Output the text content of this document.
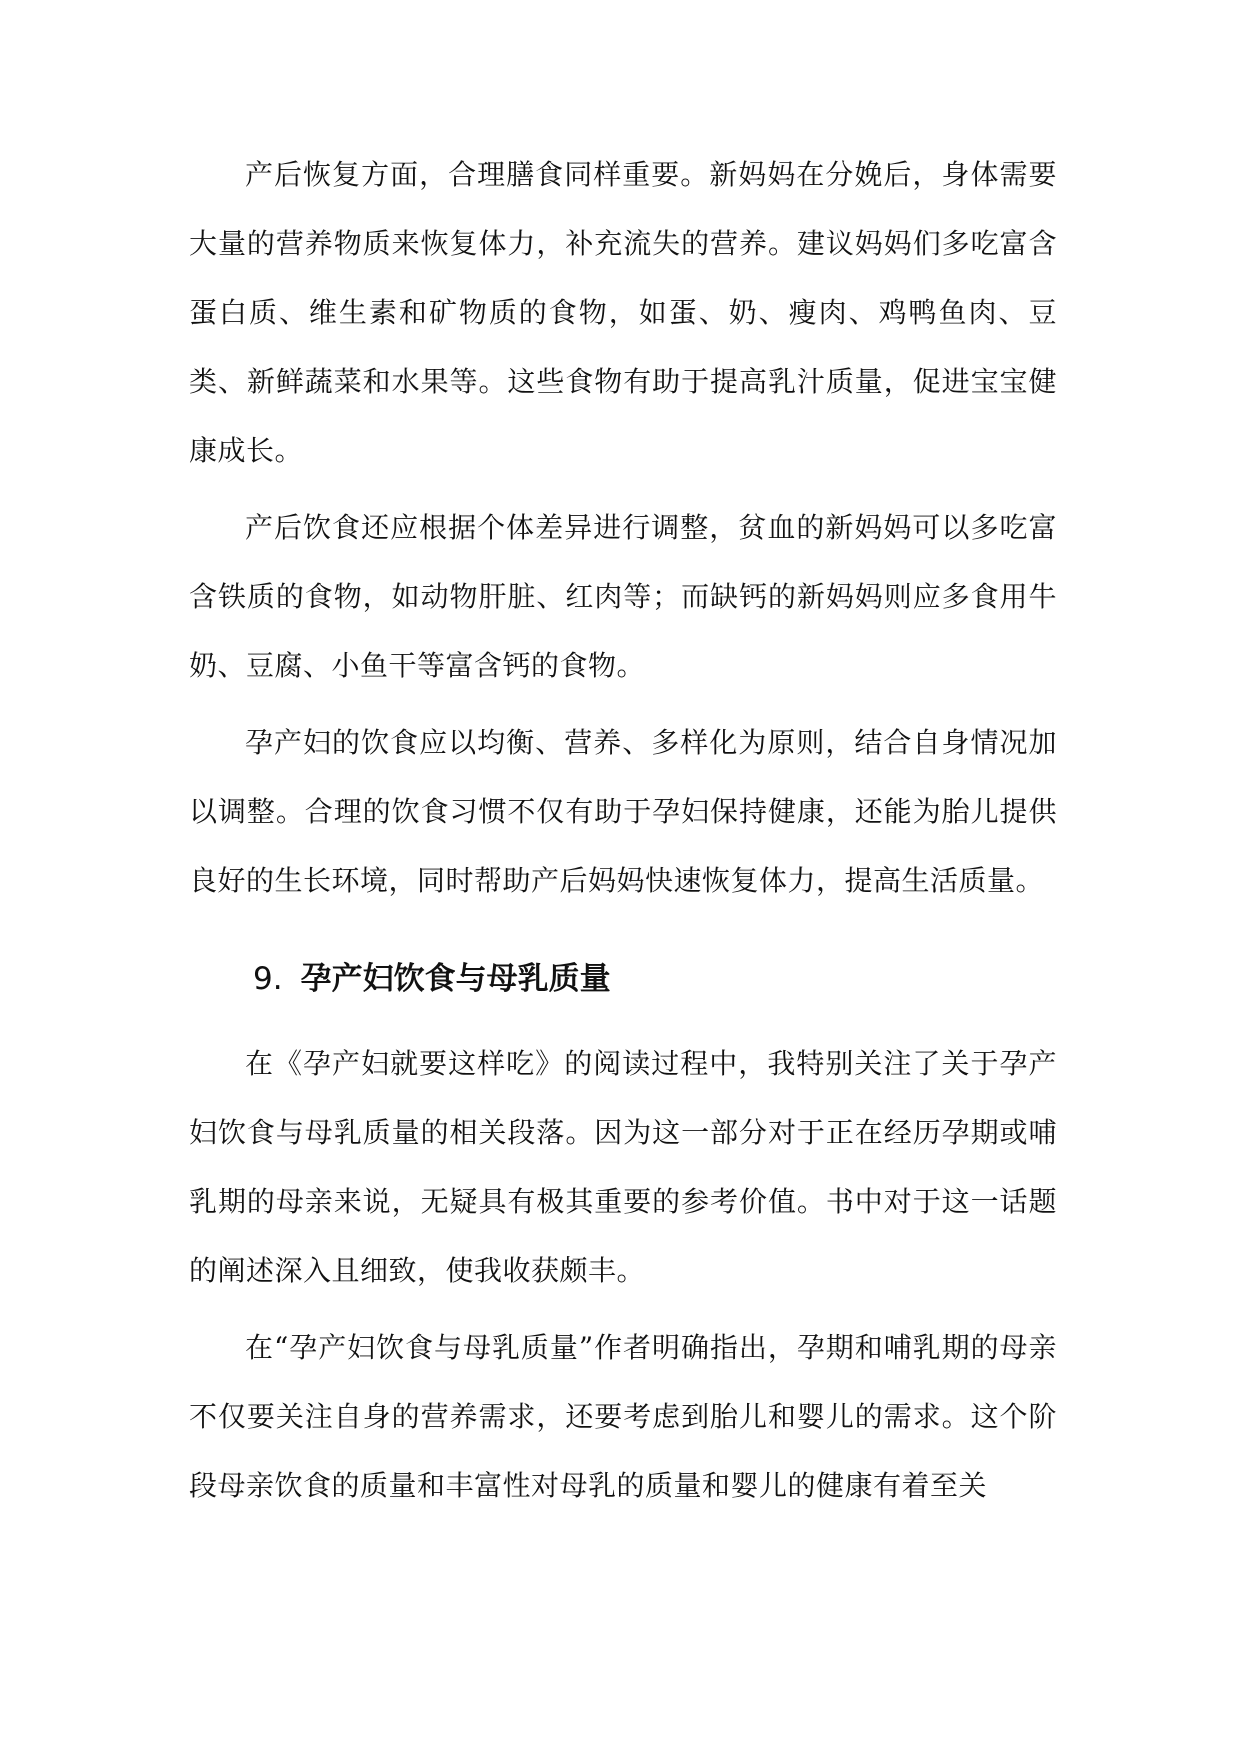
产后恢复方面，合理膳食同样重要。新妈妈在分娩后，身体需要大量的营养物质来恢复体力，补充流失的营养。建议妈妈们多吃富含蛋白质、维生素和矿物质的食物，如蛋、奶、瘦肉、鸡鸭鱼肉、豆类、新鲜蔬菜和水果等。这些食物有助于提高乳汁质量，促进宝宝健康成长。

产后饮食还应根据个体差异进行调整，贫血的新妈妈可以多吃富含铁质的食物，如动物肝脏、红肉等；而缺钙的新妈妈则应多食用牛奶、豆腐、小鱼干等富含钙的食物。

孕产妇的饮食应以均衡、营养、多样化为原则，结合自身情况加以调整。合理的饮食习惯不仅有助于孕妇保持健康，还能为胎儿提供良好的生长环境，同时帮助产后妈妈快速恢复体力，提高生活质量。

9. 孕产妇饮食与母乳质量

在《孕产妇就要这样吃》的阅读过程中，我特别关注了关于孕产妇饮食与母乳质量的相关段落。因为这一部分对于正在经历孕期或哺乳期的母亲来说，无疑具有极其重要的参考价值。书中对于这一话题的阐述深入且细致，使我收获颇丰。

在“孕产妇饮食与母乳质量”作者明确指出，孕期和哺乳期的母亲不仅要关注自身的营养需求，还要考虑到胎儿和婴儿的需求。这个阶段母亲饮食的质量和丰富性对母乳的质量和婴儿的健康有着至关
